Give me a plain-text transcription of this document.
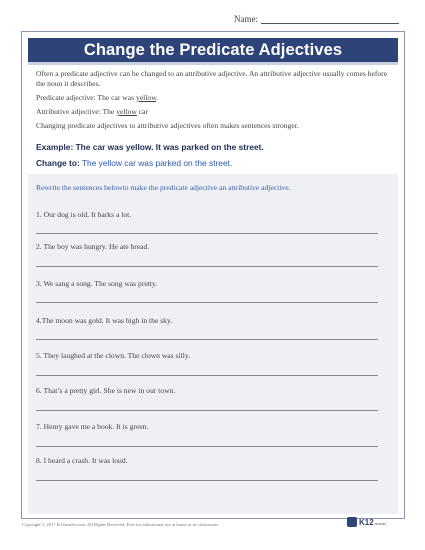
Name:
Change the Predicate Adjectives

Often a predicate adjective can be changed to an attributive adjective. An attributive adjective usually comes before the noun it describes.

Predicate adjective: The car was yellow.

Attributive adjective: The yellow car

Changing predicate adjectives to attributive adjectives often makes sentences stronger.

Example: The car was yellow. It was parked on the street.
Change to: The yellow car was parked on the street.
Rewrite the sentences belowto make the predicate adjective an attributive adjective.
1. Our dog is old. It barks a lot.
2. The boy was hungry. He ate bread.
3. We sang a song. The song was pretty.
4.The moon was gold. It was high in the sky.
5. They laughed at the clown. The clown was silly.
6. That’s a pretty girl. She is new in our town.
7. Henry gave me a book. It is green.
8. I heard a crash. It was loud.
Copyright © 2017 K12reader.com. All Rights Reserved. Free for educational use at home or in classrooms.	K12 reader
